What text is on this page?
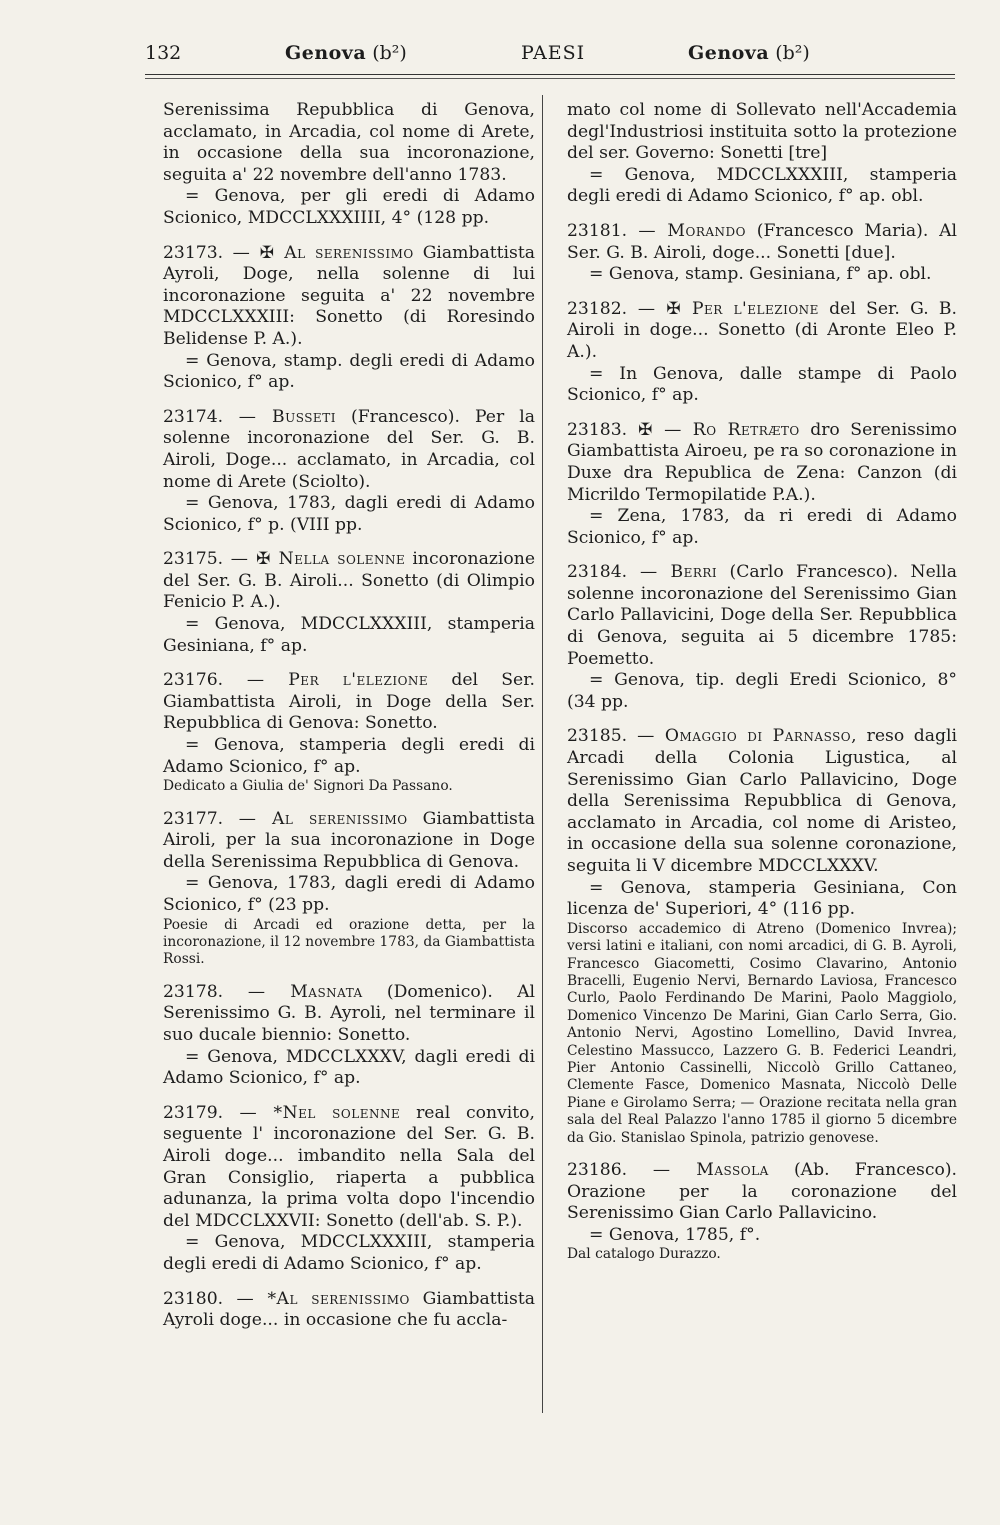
132	Genova (b²)	PAESI	Genova (b²)

Serenissima Repubblica di Genova, acclamato, in Arcadia, col nome di Arete, in occasione della sua incoronazione, seguita a' 22 novembre dell'anno 1783.

= Genova, per gli eredi di Adamo Scionico, MDCCLXXXIIII, 4° (128 pp.

23173. — ✠ Al serenissimo Giambattista Ayroli, Doge, nella solenne di lui incoronazione seguita a' 22 novembre MDCCLXXXIII: Sonetto (di Roresindo Belidense P. A.).

= Genova, stamp. degli eredi di Adamo Scionico, f° ap.

23174. — Busseti (Francesco). Per la solenne incoronazione del Ser. G. B. Airoli, Doge... acclamato, in Arcadia, col nome di Arete (Sciolto).

= Genova, 1783, dagli eredi di Adamo Scionico, f° p. (VIII pp.

23175. — ✠ Nella solenne incoronazione del Ser. G. B. Airoli... Sonetto (di Olimpio Fenicio P. A.).

= Genova, MDCCLXXXIII, stamperia Gesiniana, f° ap.

23176. — Per l'elezione del Ser. Giambattista Airoli, in Doge della Ser. Repubblica di Genova: Sonetto.

= Genova, stamperia degli eredi di Adamo Scionico, f° ap.

Dedicato a Giulia de' Signori Da Passano.

23177. — Al serenissimo Giambattista Airoli, per la sua incoronazione in Doge della Serenissima Repubblica di Genova.

= Genova, 1783, dagli eredi di Adamo Scionico, f° (23 pp.

Poesie di Arcadi ed orazione detta, per la incoronazione, il 12 novembre 1783, da Giambattista Rossi.

23178. — Masnata (Domenico). Al Serenissimo G. B. Ayroli, nel terminare il suo ducale biennio: Sonetto.

= Genova, MDCCLXXXV, dagli eredi di Adamo Scionico, f° ap.

23179. — *Nel solenne real convito, seguente l' incoronazione del Ser. G. B. Airoli doge... imbandito nella Sala del Gran Consiglio, riaperta a pubblica adunanza, la prima volta dopo l'incendio del MDCCLXXVII: Sonetto (dell'ab. S. P.).

= Genova, MDCCLXXXIII, stamperia degli eredi di Adamo Scionico, f° ap.

23180. — *Al serenissimo Giambattista Ayroli doge... in occasione che fu accla-

mato col nome di Sollevato nell'Accademia degl'Industriosi instituita sotto la protezione del ser. Governo: Sonetti [tre]

= Genova, MDCCLXXXIII, stamperia degli eredi di Adamo Scionico, f° ap. obl.

23181. — Morando (Francesco Maria). Al Ser. G. B. Airoli, doge... Sonetti [due].

= Genova, stamp. Gesiniana, f° ap. obl.

23182. — ✠ Per l'elezione del Ser. G. B. Airoli in doge... Sonetto (di Aronte Eleo P. A.).

= In Genova, dalle stampe di Paolo Scionico, f° ap.

23183. ✠ — Ro Retræto dro Serenissimo Giambattista Airoeu, pe ra so coronazione in Duxe dra Republica de Zena: Canzon (di Micrildo Termopilatide P.A.).

= Zena, 1783, da ri eredi di Adamo Scionico, f° ap.

23184. — Berri (Carlo Francesco). Nella solenne incoronazione del Serenissimo Gian Carlo Pallavicini, Doge della Ser. Repubblica di Genova, seguita ai 5 dicembre 1785: Poemetto.

= Genova, tip. degli Eredi Scionico, 8° (34 pp.

23185. — Omaggio di Parnasso, reso dagli Arcadi della Colonia Ligustica, al Serenissimo Gian Carlo Pallavicino, Doge della Serenissima Repubblica di Genova, acclamato in Arcadia, col nome di Aristeo, in occasione della sua solenne coronazione, seguita li V dicembre MDCCLXXXV.

= Genova, stamperia Gesiniana, Con licenza de' Superiori, 4° (116 pp.

Discorso accademico di Atreno (Domenico Invrea); versi latini e italiani, con nomi arcadici, di G. B. Ayroli, Francesco Giacometti, Cosimo Clavarino, Antonio Bracelli, Eugenio Nervi, Bernardo Laviosa, Francesco Curlo, Paolo Ferdinando De Marini, Paolo Maggiolo, Domenico Vincenzo De Marini, Gian Carlo Serra, Gio. Antonio Nervi, Agostino Lomellino, David Invrea, Celestino Massucco, Lazzero G. B. Federici Leandri, Pier Antonio Cassinelli, Niccolò Grillo Cattaneo, Clemente Fasce, Domenico Masnata, Niccolò Delle Piane e Girolamo Serra; — Orazione recitata nella gran sala del Real Palazzo l'anno 1785 il giorno 5 dicembre da Gio. Stanislao Spinola, patrizio genovese.

23186. — Massola (Ab. Francesco). Orazione per la coronazione del Serenissimo Gian Carlo Pallavicino.

= Genova, 1785, f°.

Dal catalogo Durazzo.
